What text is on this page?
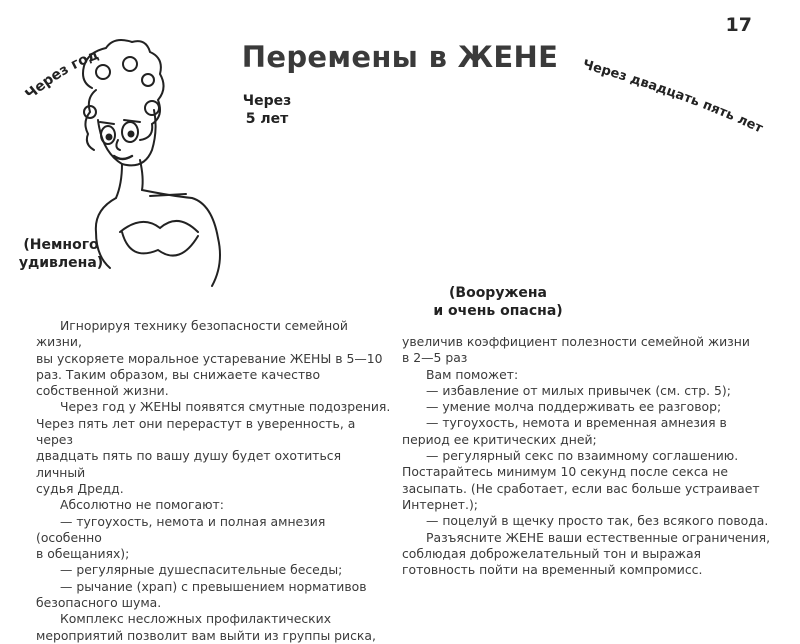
17
Перемены в ЖЕНЕ
Через год
Через двадцать пять лет
Через
5 лет
(Немного
удивлена)
(Вооружена
и очень опасна)

Игнорируя технику безопасности семейной жизни,

вы ускоряете моральное устаревание ЖЕНЫ в 5—10

раз. Таким образом, вы снижаете качество

собственной жизни.

Через год у ЖЕНЫ появятся смутные подозрения.

Через пять лет они перерастут в уверенность, а через

двадцать пять по вашу душу будет охотиться личный

судья Дредд.

Абсолютно не помогают:

— тугоухость, немота и полная амнезия (особенно

в обещаниях);

— регулярные душеспасительные беседы;

— рычание (храп) с превышением нормативов

безопасного шума.

Комплекс несложных профилактических

мероприятий позволит вам выйти из группы риска,

увеличив коэффициент полезности семейной жизни

в 2—5 раз

Вам поможет:

— избавление от милых привычек (см. стр. 5);

— умение молча поддерживать ее разговор;

— тугоухость, немота и временная амнезия в

период ее критических дней;

— регулярный секс по взаимному соглашению.

Постарайтесь минимум 10 секунд после секса не

засыпать. (Не сработает, если вас больше устраивает

Интернет.);

— поцелуй в щечку просто так, без всякого повода.

Разъясните ЖЕНЕ ваши естественные ограничения,

соблюдая доброжелательный тон и выражая

готовность пойти на временный компромисс.
